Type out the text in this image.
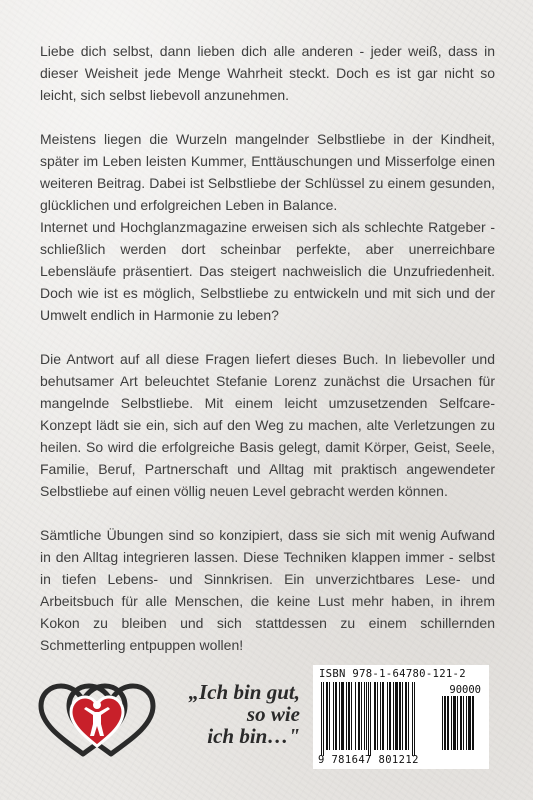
Liebe dich selbst, dann lieben dich alle anderen - jeder weiß, dass in dieser Weisheit jede Menge Wahrheit steckt. Doch es ist gar nicht so leicht, sich selbst liebevoll anzunehmen.

Meistens liegen die Wurzeln mangelnder Selbstliebe in der Kindheit, später im Leben leisten Kummer, Enttäuschungen und Misserfolge einen weiteren Beitrag. Dabei ist Selbstliebe der Schlüssel zu einem gesunden, glücklichen und erfolgreichen Leben in Balance.

Internet und Hochglanzmagazine erweisen sich als schlechte Ratgeber - schließlich werden dort scheinbar perfekte, aber unerreichbare Lebensläufe präsentiert. Das steigert nachweislich die Unzufriedenheit. Doch wie ist es möglich, Selbstliebe zu entwickeln und mit sich und der Umwelt endlich in Harmonie zu leben?

Die Antwort auf all diese Fragen liefert dieses Buch. In liebevoller und behutsamer Art beleuchtet Stefanie Lorenz zunächst die Ursachen für mangelnde Selbstliebe. Mit einem leicht umzusetzenden Selfcare-Konzept lädt sie ein, sich auf den Weg zu machen, alte Verletzungen zu heilen. So wird die erfolgreiche Basis gelegt, damit Körper, Geist, Seele, Familie, Beruf, Partnerschaft und Alltag mit praktisch angewendeter Selbstliebe auf einen völlig neuen Level gebracht werden können.

Sämtliche Übungen sind so konzipiert, dass sie sich mit wenig Aufwand in den Alltag integrieren lassen. Diese Techniken klappen immer - selbst in tiefen Lebens- und Sinnkrisen. Ein unverzichtbares Lese- und Arbeitsbuch für alle Menschen, die keine Lust mehr haben, in ihrem Kokon zu bleiben und sich stattdessen zu einem schillernden Schmetterling entpuppen wollen!

„Ich bin gut,
so wie
ich bin…"
ISBN 978-1-64780-121-2
90000
9 781647 801212
